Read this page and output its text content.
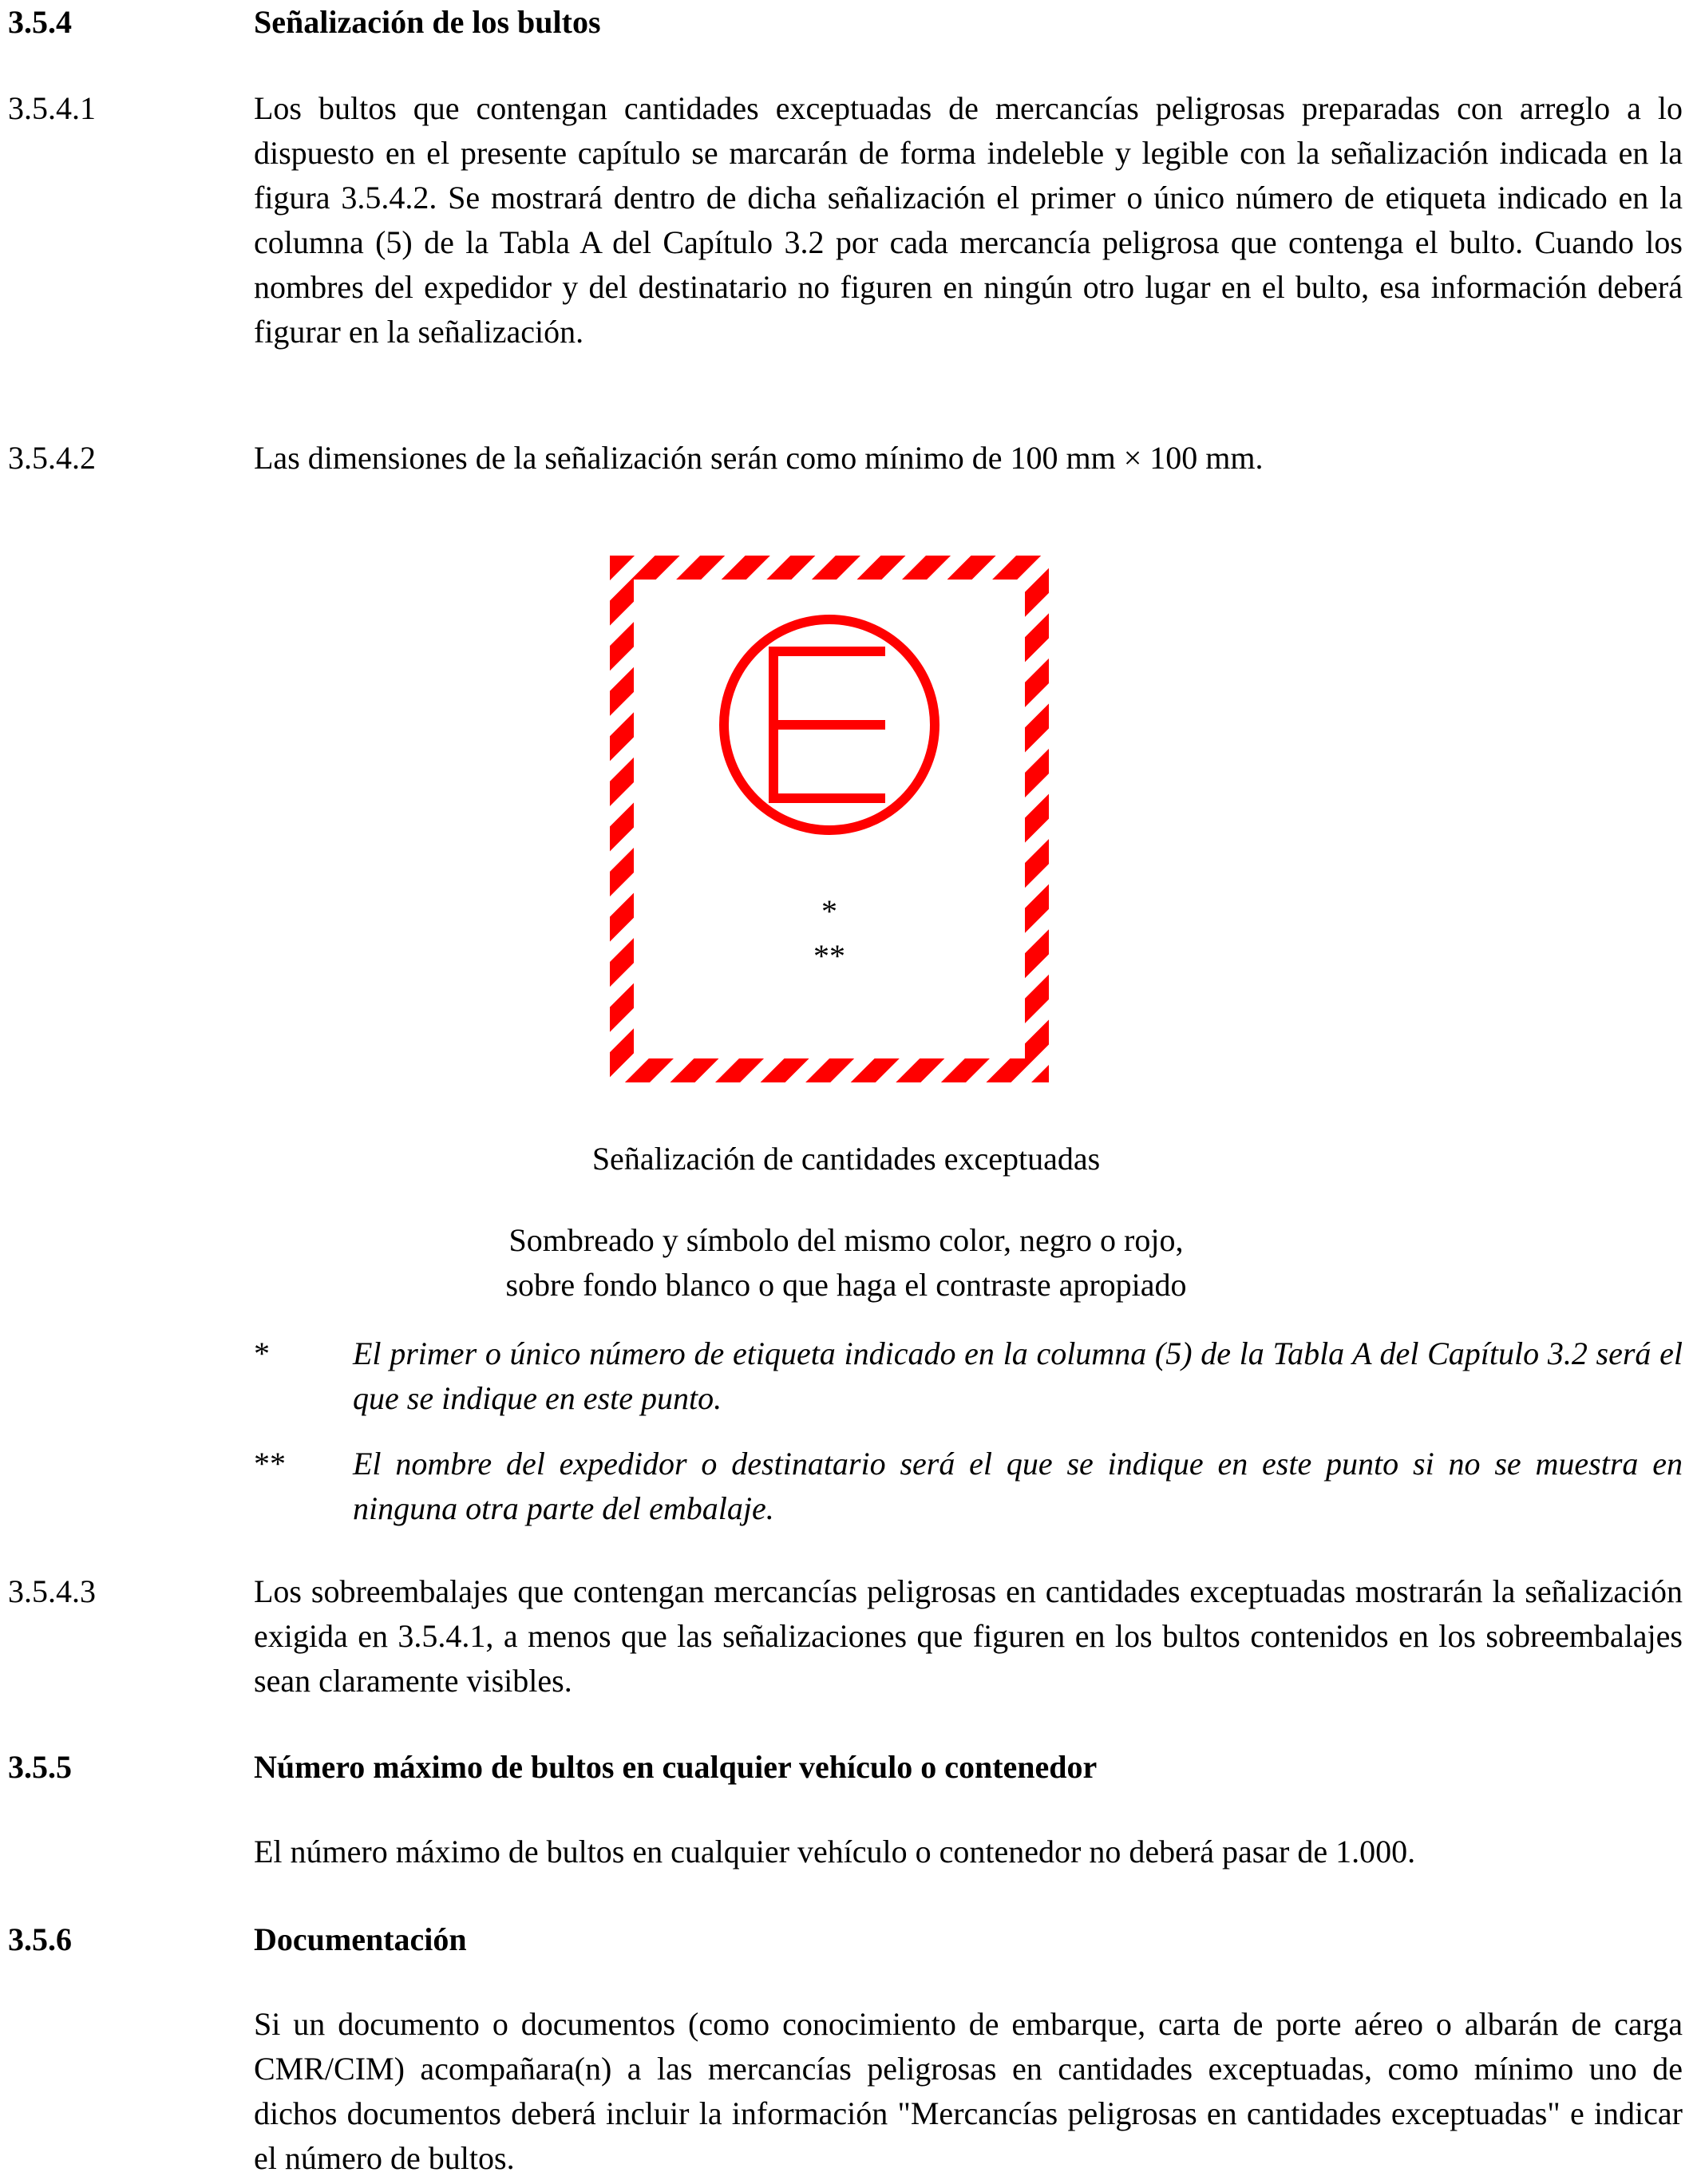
3.5.4	Señalización de los bultos
3.5.4.1	Los bultos que contengan cantidades exceptuadas de mercancías peligrosas preparadas con arreglo a lo dispuesto en el presente capítulo se marcarán de forma indeleble y legible con la señalización indicada en la figura 3.5.4.2. Se mostrará dentro de dicha señalización el primer o único número de etiqueta indicado en la columna (5) de la Tabla A del Capítulo 3.2 por cada mercancía peligrosa que contenga el bulto. Cuando los nombres del expedidor y del destinatario no figuren en ningún otro lugar en el bulto, esa información deberá figurar en la señalización.
3.5.4.2	Las dimensiones de la señalización serán como mínimo de 100 mm × 100 mm.
*
**
Señalización de cantidades exceptuadas
Sombreado y símbolo del mismo color, negro o rojo,
sobre fondo blanco o que haga el contraste apropiado
*	El primer o único número de etiqueta indicado en la columna (5) de la Tabla A del Capítulo 3.2 será el que se indique en este punto.
** El nombre del expedidor o destinatario será el que se indique en este punto si no se muestra en ninguna otra parte del embalaje.
3.5.4.3	Los sobreembalajes que contengan mercancías peligrosas en cantidades exceptuadas mostrarán la señalización exigida en 3.5.4.1, a menos que las señalizaciones que figuren en los bultos contenidos en los sobreembalajes sean claramente visibles.
3.5.5	Número máximo de bultos en cualquier vehículo o contenedor
El número máximo de bultos en cualquier vehículo o contenedor no deberá pasar de 1.000.
3.5.6	Documentación
Si un documento o documentos (como conocimiento de embarque, carta de porte aéreo o albarán de carga CMR/CIM) acompañara(n) a las mercancías peligrosas en cantidades exceptuadas, como mínimo uno de dichos documentos deberá incluir la información "Mercancías peligrosas en cantidades exceptuadas" e indicar el número de bultos.
